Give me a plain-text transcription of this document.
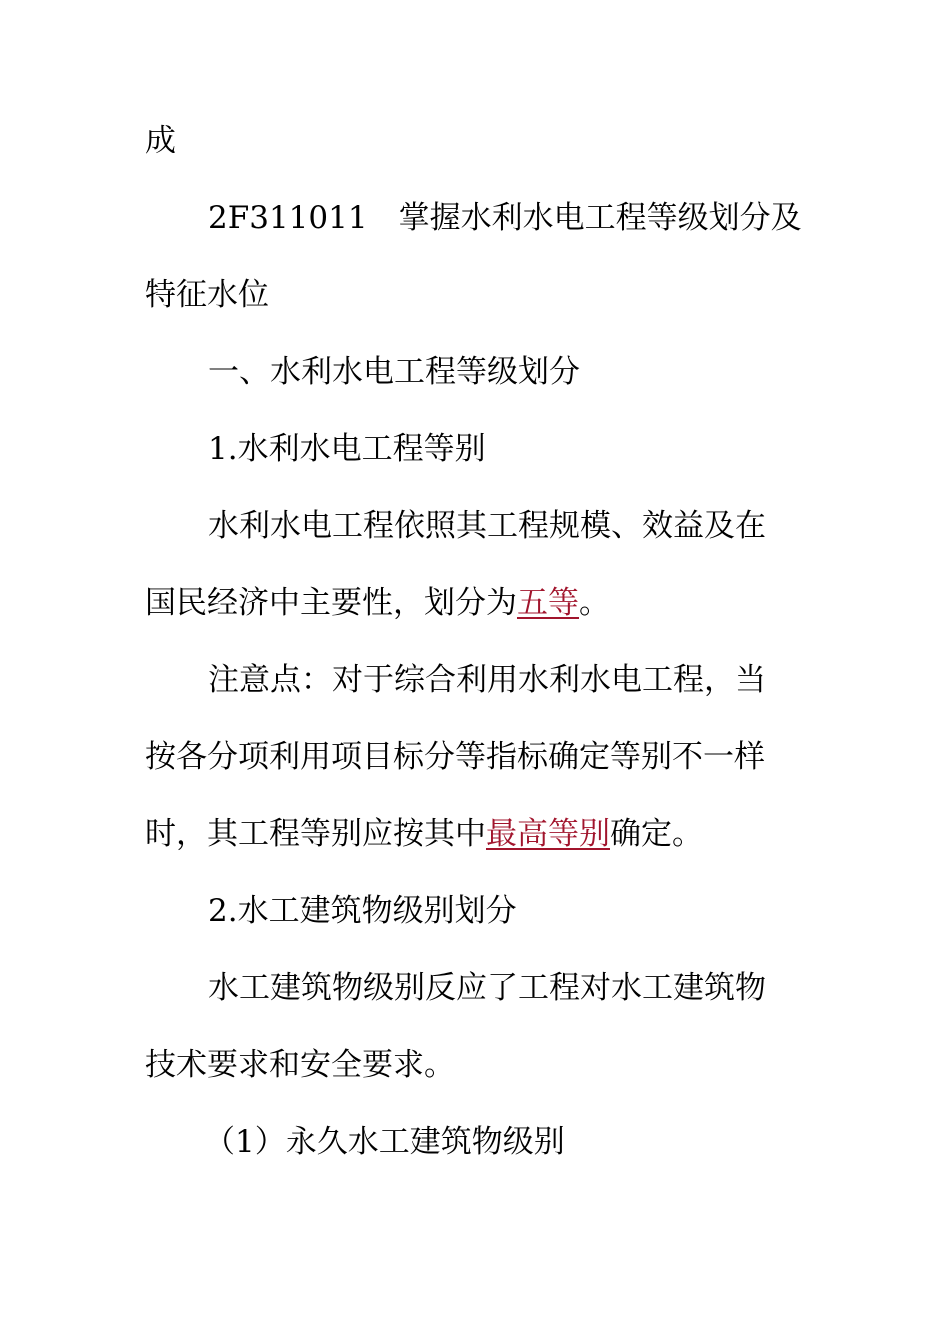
成
2F311011　掌握水利水电工程等级划分及
特征水位
一、水利水电工程等级划分
1.水利水电工程等别
水利水电工程依照其工程规模、效益及在
国民经济中主要性，划分为五等。
注意点：对于综合利用水利水电工程，当
按各分项利用项目标分等指标确定等别不一样
时，其工程等别应按其中最高等别确定。
2.水工建筑物级别划分
水工建筑物级别反应了工程对水工建筑物
技术要求和安全要求。
（1）永久水工建筑物级别
